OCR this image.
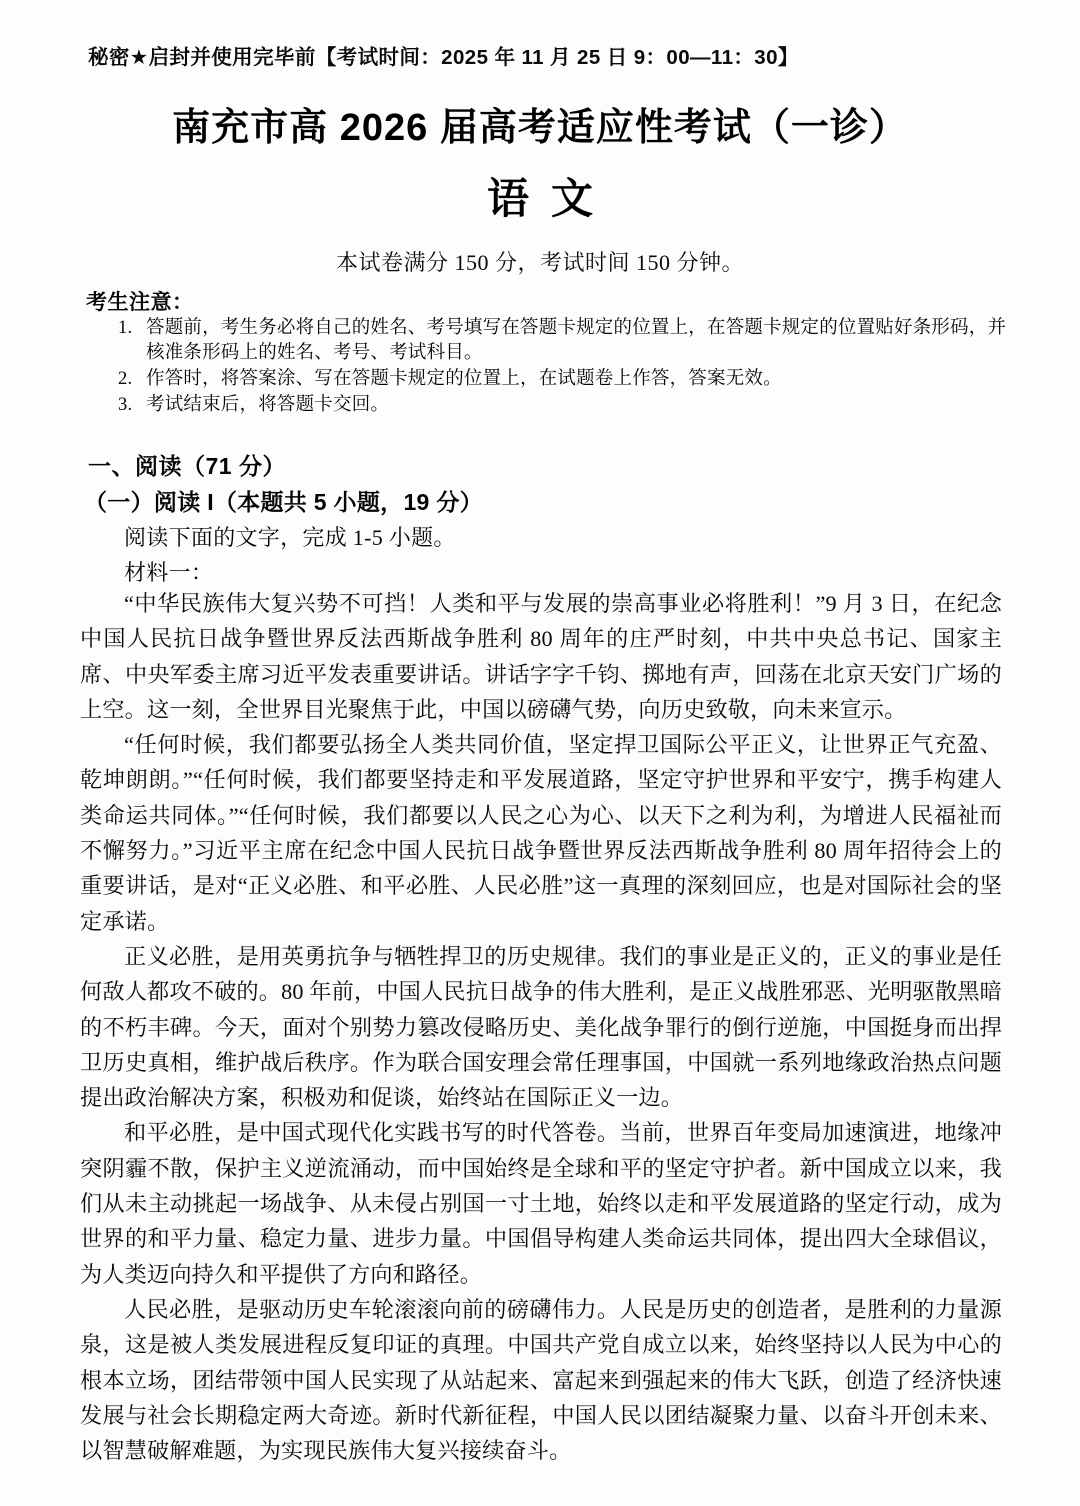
秘密★启封并使用完毕前【考试时间：2025 年 11 月 25 日 9：00—11：30】
南充市高 2026 届高考适应性考试（一诊）
语文
本试卷满分 150 分，考试时间 150 分钟。
考生注意：
1. 答题前，考生务必将自己的姓名、考号填写在答题卡规定的位置上，在答题卡规定的位置贴好条形码，并核准条形码上的姓名、考号、考试科目。
2. 作答时，将答案涂、写在答题卡规定的位置上，在试题卷上作答，答案无效。
3. 考试结束后，将答题卡交回。
一、阅读（71 分）
（一）阅读 I（本题共 5 小题，19 分）
阅读下面的文字，完成 1-5 小题。
材料一：

“中华民族伟大复兴势不可挡！人类和平与发展的崇高事业必将胜利！”9 月 3 日，在纪念中国人民抗日战争暨世界反法西斯战争胜利 80 周年的庄严时刻，中共中央总书记、国家主席、中央军委主席习近平发表重要讲话。讲话字字千钧、掷地有声，回荡在北京天安门广场的上空。这一刻，全世界目光聚焦于此，中国以磅礴气势，向历史致敬，向未来宣示。

“任何时候，我们都要弘扬全人类共同价值，坚定捍卫国际公平正义，让世界正气充盈、乾坤朗朗。”“任何时候，我们都要坚持走和平发展道路，坚定守护世界和平安宁，携手构建人类命运共同体。”“任何时候，我们都要以人民之心为心、以天下之利为利，为增进人民福祉而不懈努力。”习近平主席在纪念中国人民抗日战争暨世界反法西斯战争胜利 80 周年招待会上的重要讲话，是对“正义必胜、和平必胜、人民必胜”这一真理的深刻回应，也是对国际社会的坚定承诺。

正义必胜，是用英勇抗争与牺牲捍卫的历史规律。我们的事业是正义的，正义的事业是任何敌人都攻不破的。80 年前，中国人民抗日战争的伟大胜利，是正义战胜邪恶、光明驱散黑暗的不朽丰碑。今天，面对个别势力篡改侵略历史、美化战争罪行的倒行逆施，中国挺身而出捍卫历史真相，维护战后秩序。作为联合国安理会常任理事国，中国就一系列地缘政治热点问题提出政治解决方案，积极劝和促谈，始终站在国际正义一边。

和平必胜，是中国式现代化实践书写的时代答卷。当前，世界百年变局加速演进，地缘冲突阴霾不散，保护主义逆流涌动，而中国始终是全球和平的坚定守护者。新中国成立以来，我们从未主动挑起一场战争、从未侵占别国一寸土地，始终以走和平发展道路的坚定行动，成为世界的和平力量、稳定力量、进步力量。中国倡导构建人类命运共同体，提出四大全球倡议，为人类迈向持久和平提供了方向和路径。

人民必胜，是驱动历史车轮滚滚向前的磅礴伟力。人民是历史的创造者，是胜利的力量源泉，这是被人类发展进程反复印证的真理。中国共产党自成立以来，始终坚持以人民为中心的根本立场，团结带领中国人民实现了从站起来、富起来到强起来的伟大飞跃，创造了经济快速发展与社会长期稳定两大奇迹。新时代新征程，中国人民以团结凝聚力量、以奋斗开创未来、以智慧破解难题，为实现民族伟大复兴接续奋斗。
